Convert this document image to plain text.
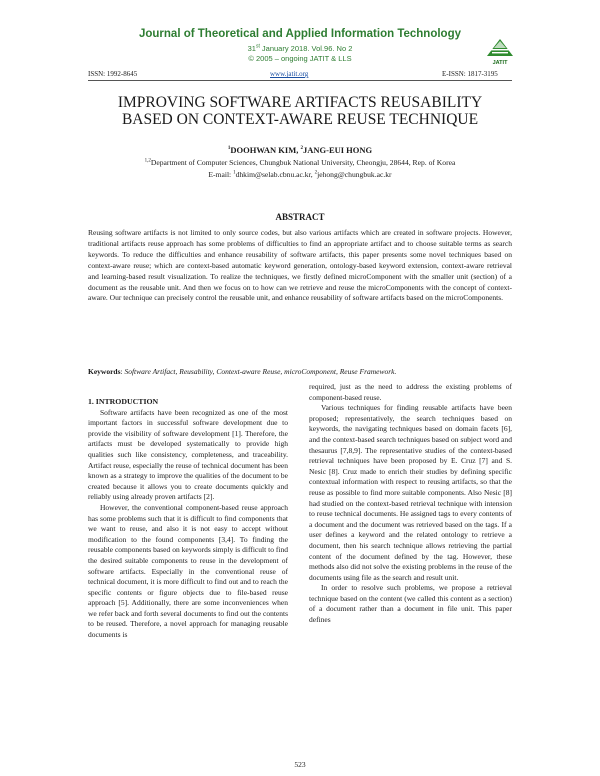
Journal of Theoretical and Applied Information Technology
31st January 2018. Vol.96. No 2
© 2005 – ongoing JATIT & LLS	JATIT
ISSN: 1992-8645	www.jatit.org	E-ISSN: 1817-3195
IMPROVING SOFTWARE ARTIFACTS REUSABILITY
BASED ON CONTEXT-AWARE REUSE TECHNIQUE
$^1$DOOHWAN KIM, $^2$JANG-EUI HONG
$^{1,2}$Department of Computer Sciences, Chungbuk National University, Cheongju, 28644, Rep. of Korea
E-mail: $^1$dhkim@selab.cbnu.ac.kr, $^2$jehong@chungbuk.ac.kr
ABSTRACT
Reusing software artifacts is not limited to only source codes, but also various artifacts which are created in software projects. However, traditional artifacts reuse approach has some problems of difficulties to find an appropriate artifact and to choose suitable terms as search keywords. To reduce the difficulties and enhance reusability of software artifacts, this paper presents some novel techniques based on context-aware reuse; which are context-based automatic keyword generation, ontology-based keyword extension, context-aware retrieval and learning-based result visualization. To realize the techniques, we firstly defined microComponent with the smaller unit (section) of a document as the reusable unit. And then we focus on to how can we retrieve and reuse the microComponents with the concept of context-aware. Our technique can precisely control the reusable unit, and enhance reusability of software artifacts based on the microComponents.
Keywords: Software Artifact, Reusability, Context-aware Reuse, microComponent, Reuse Framework.

1. INTRODUCTION

Software artifacts have been recognized as one of the most important factors in successful software development due to provide the visibility of software development [1]. Therefore, the artifacts must be developed systematically to provide high qualities such like consistency, completeness, and traceability. Artifact reuse, especially the reuse of technical document has been known as a strategy to improve the qualities of the document to be created because it allows you to create documents quickly and reliably using already proven artifacts [2].

However, the conventional component-based reuse approach has some problems such that it is difficult to find components that we want to reuse, and also it is not easy to accept without modification to the found components [3,4]. To finding the reusable components based on keywords simply is difficult to find the desired suitable components to reuse in the development of software artifacts. Especially in the conventional reuse of technical document, it is more difficult to find out and to reach the specific contents or figure objects due to file-based reuse approach [5]. Additionally, there are some inconveniences when we refer back and forth several documents to find out the contents to be reused. Therefore, a novel approach for managing reusable documents is

required, just as the need to address the existing problems of component-based reuse.

Various techniques for finding reusable artifacts have been proposed; representatively, the search techniques based on keywords, the navigating techniques based on domain facets [6], and the context-based search techniques based on subject word and thesaurus [7,8,9]. The representative studies of the context-based retrieval techniques have been proposed by E. Cruz [7] and S. Nesic [8]. Cruz made to enrich their studies by defining specific contextual information with respect to reusing artifacts, so that the reuse as possible to find more suitable components. Also Nesic [8] had studied on the context-based retrieval technique with intension to reuse technical documents. He assigned tags to every contents of a document and the document was retrieved based on the tags. If a user defines a keyword and the related ontology to retrieve a document, then his search technique allows retrieving the partial content of the document defined by the tag. However, these methods also did not solve the existing problems in the reuse of the documents using file as the search and result unit.

In order to resolve such problems, we propose a retrieval technique based on the content (we called this content as a section) of a document rather than a document in file unit. This paper defines

523
